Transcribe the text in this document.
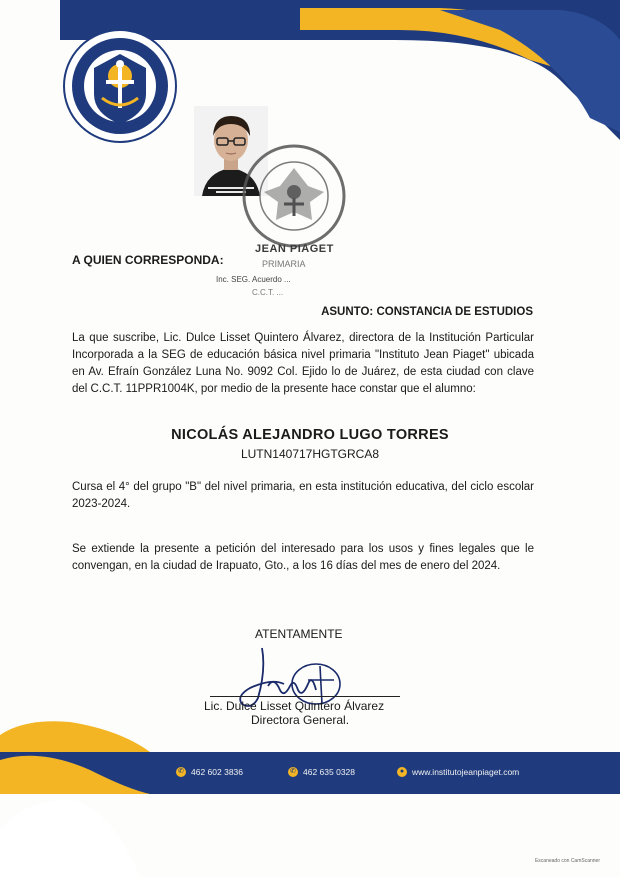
JEAN PIAGET
PRIMARIA
Inc. SEG. Acuerdo ...
C.C.T. ...
A QUIEN CORRESPONDA:
ASUNTO: CONSTANCIA DE ESTUDIOS
La que suscribe, Lic. Dulce Lisset Quintero Álvarez, directora de la Institución Particular Incorporada a la SEG de educación básica nivel primaria "Instituto Jean Piaget" ubicada en Av. Efraín González Luna No. 9092 Col. Ejido lo de Juárez, de esta ciudad con clave del C.C.T. 11PPR1004K, por medio de la presente hace constar que el alumno:
NICOLÁS ALEJANDRO LUGO TORRES
LUTN140717HGTGRCA8
Cursa el 4° del grupo "B" del nivel primaria, en esta institución educativa, del ciclo escolar 2023-2024.
Se extiende la presente a petición del interesado para los usos y fines legales que le convengan, en la ciudad de Irapuato, Gto., a los 16 días del mes de enero del 2024.
ATENTAMENTE
Lic. Dulce Lisset Quintero Álvarez
Directora General.
✆ 462 602 3836	✆ 462 635 0328	● www.institutojeanpiaget.com
Escaneado con CamScanner
